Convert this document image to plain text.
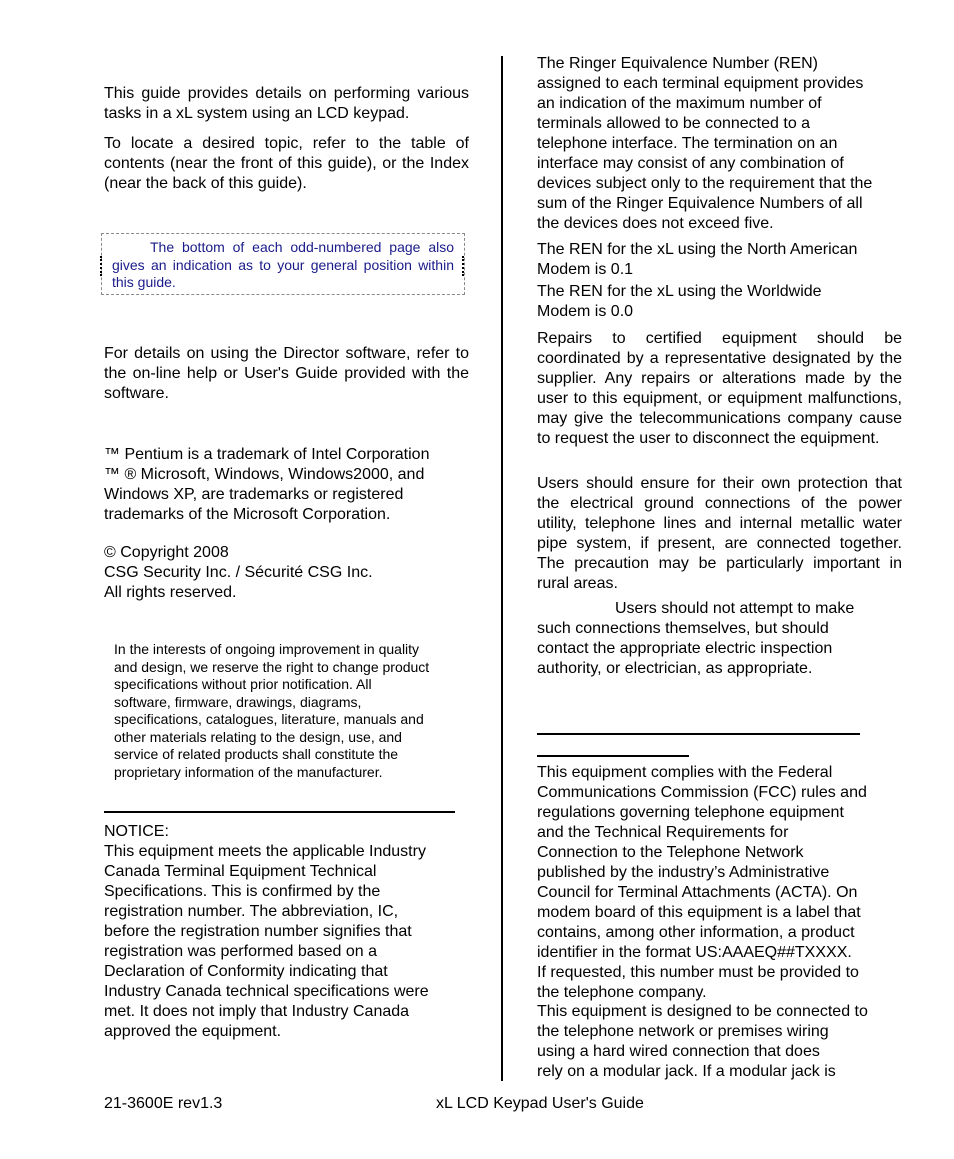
This guide provides details on performing various tasks in a xL system using an LCD keypad.

To locate a desired topic, refer to the table of contents (near the front of this guide), or the Index (near the back of this guide).

The bottom of each odd-numbered page also gives an indication as to your general position within this guide.

For details on using the Director software, refer to the on-line help or User's Guide provided with the software.

™ Pentium is a trademark of Intel Corporation
™ ® Microsoft, Windows, Windows2000, and
Windows XP, are trademarks or registered
trademarks of the Microsoft Corporation.
© Copyright 2008
CSG Security Inc. / Sécurité CSG Inc.
All rights reserved.
In the interests of ongoing improvement in quality
and design, we reserve the right to change product
specifications without prior notification. All
software, firmware, drawings, diagrams,
specifications, catalogues, literature, manuals and
other materials relating to the design, use, and
service of related products shall constitute the
proprietary information of the manufacturer.
NOTICE:
This equipment meets the applicable Industry
Canada Terminal Equipment Technical
Specifications. This is confirmed by the
registration number. The abbreviation, IC,
before the registration number signifies that
registration was performed based on a
Declaration of Conformity indicating that
Industry Canada technical specifications were
met. It does not imply that Industry Canada
approved the equipment.
The Ringer Equivalence Number (REN)
assigned to each terminal equipment provides
an indication of the maximum number of
terminals allowed to be connected to a
telephone interface. The termination on an
interface may consist of any combination of
devices subject only to the requirement that the
sum of the Ringer Equivalence Numbers of all
the devices does not exceed five.
The REN for the xL using the North American
Modem is 0.1
The REN for the xL using the Worldwide
Modem is 0.0

Repairs to certified equipment should be coordinated by a representative designated by the supplier. Any repairs or alterations made by the user to this equipment, or equipment malfunctions, may give the telecommunications company cause to request the user to disconnect the equipment.

Users should ensure for their own protection that the electrical ground connections of the power utility, telephone lines and internal metallic water pipe system, if present, are connected together. The precaution may be particularly important in rural areas.

Users should not attempt to make
such connections themselves, but should
contact the appropriate electric inspection
authority, or electrician, as appropriate.
This equipment complies with the Federal
Communications Commission (FCC) rules and
regulations governing telephone equipment
and the Technical Requirements for
Connection to the Telephone Network
published by the industry’s Administrative
Council for Terminal Attachments (ACTA). On
modem board of this equipment is a label that
contains, among other information, a product
identifier in the format US:AAAEQ##TXXXX.
If requested, this number must be provided to
the telephone company.
This equipment is designed to be connected to
the telephone network or premises wiring
using a hard wired connection that does
rely on a modular jack. If a modular jack is
21-3600E rev1.3	xL LCD Keypad User's Guide
